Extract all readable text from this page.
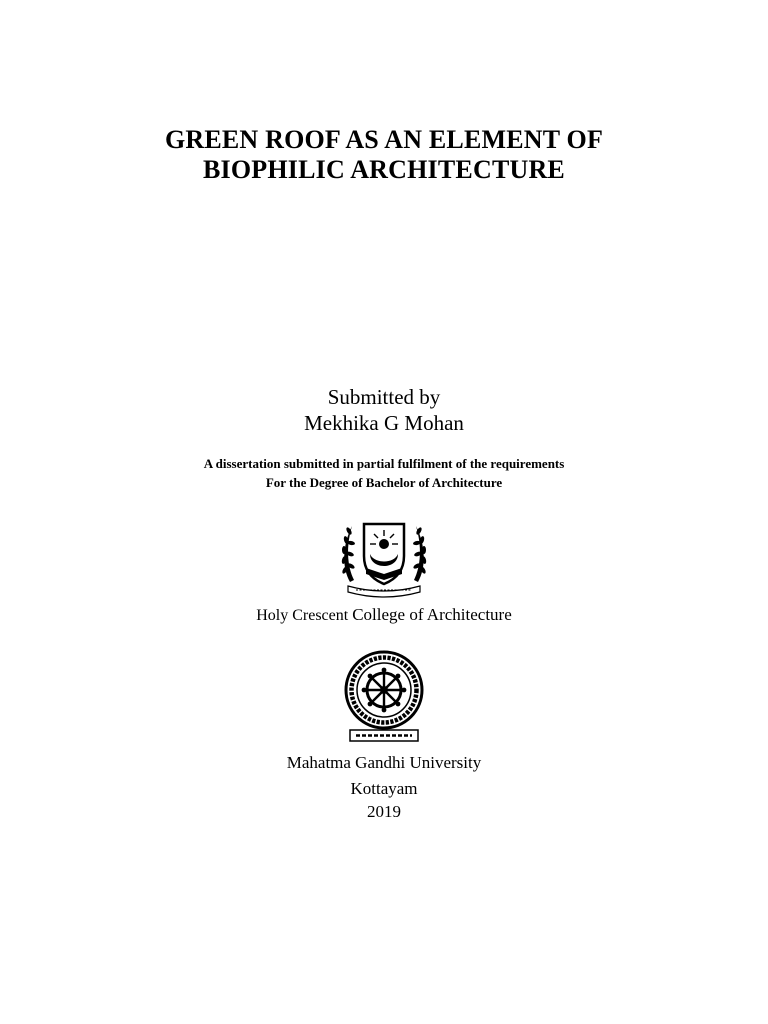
GREEN ROOF AS AN ELEMENT OF
BIOPHILIC ARCHITECTURE
Submitted by
Mekhika G Mohan
A dissertation submitted in partial fulfilment of the requirements
For the Degree of Bachelor of Architecture
Holy Crescent College of Architecture
Mahatma Gandhi University
Kottayam
2019
